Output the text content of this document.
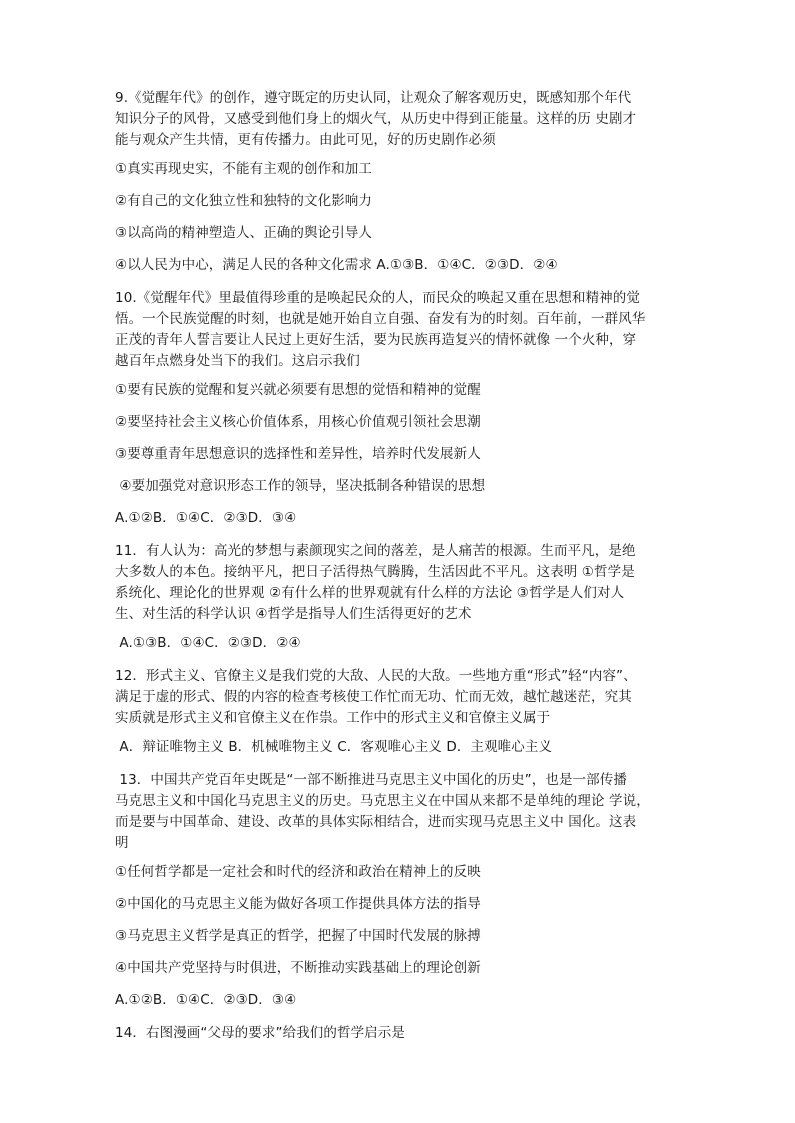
9.《觉醒年代》的创作，遵守既定的历史认同，让观众了解客观历史，既感知那个年代

知识分子的风骨，又感受到他们身上的烟火气，从历史中得到正能量。这样的历 史剧才

能与观众产生共情，更有传播力。由此可见，好的历史剧作必须

①真实再现史实，不能有主观的创作和加工

②有自己的文化独立性和独特的文化影响力

③以高尚的精神塑造人、正确的舆论引导人

④以人民为中心，满足人民的各种文化需求 A.①③B．①④C．②③D．②④

10.《觉醒年代》里最值得珍重的是唤起民众的人，而民众的唤起又重在思想和精神的觉

悟。一个民族觉醒的时刻，也就是她开始自立自强、奋发有为的时刻。百年前，一群风华

正茂的青年人誓言要让人民过上更好生活，要为民族再造复兴的情怀就像 一个火种，穿

越百年点燃身处当下的我们。这启示我们

①要有民族的觉醒和复兴就必须要有思想的觉悟和精神的觉醒

②要坚持社会主义核心价值体系，用核心价值观引领社会思潮

③要尊重青年思想意识的选择性和差异性，培养时代发展新人

④要加强党对意识形态工作的领导，坚决抵制各种错误的思想

A.①②B．①④C．②③D．③④

11．有人认为：高光的梦想与素颜现实之间的落差，是人痛苦的根源。生而平凡，是绝

大多数人的本色。接纳平凡，把日子活得热气腾腾，生活因此不平凡。这表明 ①哲学是

系统化、理论化的世界观 ②有什么样的世界观就有什么样的方法论 ③哲学是人们对人

生、对生活的科学认识 ④哲学是指导人们生活得更好的艺术

A.①③B．①④C．②③D．②④

12．形式主义、官僚主义是我们党的大敌、人民的大敌。一些地方重“形式”轻“内容”、

满足于虚的形式、假的内容的检查考核使工作忙而无功、忙而无效，越忙越迷茫，究其

实质就是形式主义和官僚主义在作祟。工作中的形式主义和官僚主义属于

A．辩证唯物主义 B．机械唯物主义 C．客观唯心主义 D．主观唯心主义

13．中国共产党百年史既是“一部不断推进马克思主义中国化的历史”，也是一部传播

马克思主义和中国化马克思主义的历史。马克思主义在中国从来都不是单纯的理论 学说，

而是要与中国革命、建设、改革的具体实际相结合，进而实现马克思主义中 国化。这表

明

①任何哲学都是一定社会和时代的经济和政治在精神上的反映

②中国化的马克思主义能为做好各项工作提供具体方法的指导

③马克思主义哲学是真正的哲学，把握了中国时代发展的脉搏

④中国共产党坚持与时俱进，不断推动实践基础上的理论创新

A.①②B．①④C．②③D．③④

14．右图漫画“父母的要求”给我们的哲学启示是
